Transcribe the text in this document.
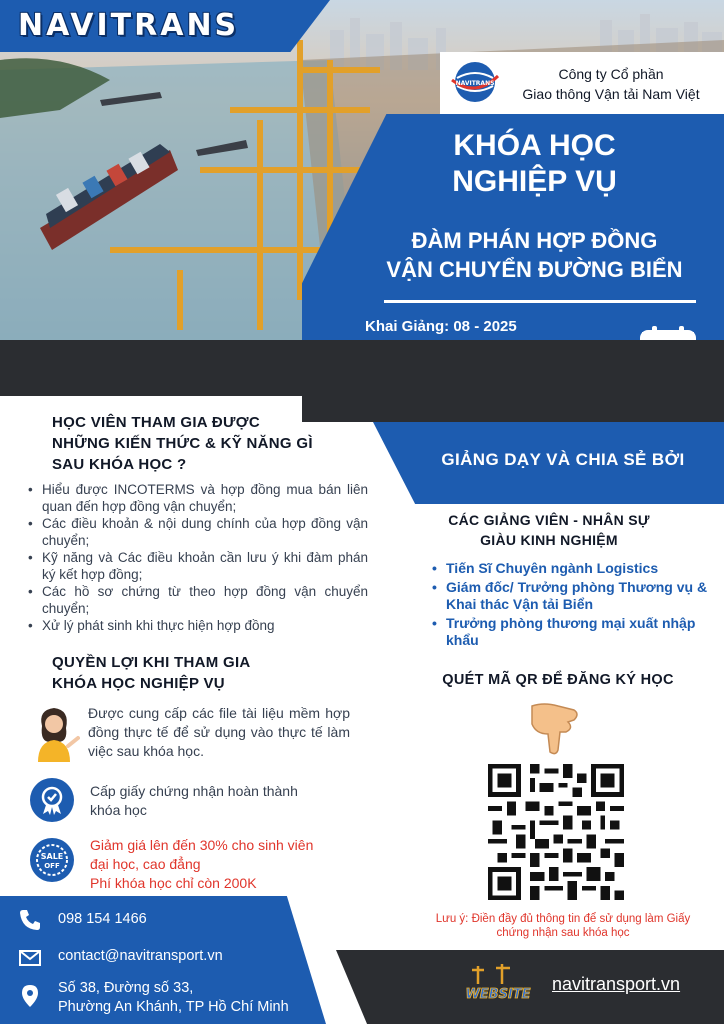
NAVITRANS
NAVITRANS
Công ty Cổ phần
Giao thông Vận tải Nam Việt
KHÓA HỌC
NGHIỆP VỤ
ĐÀM PHÁN HỢP ĐỒNG
VẬN CHUYỂN ĐƯỜNG BIỂN
Khai Giảng: 08 - 2025
HỌC VIÊN THAM GIA ĐƯỢC
NHỮNG KIẾN THỨC & KỸ NĂNG GÌ
SAU KHÓA HỌC ?
• Hiểu được INCOTERMS và hợp đồng mua bán liên quan đến hợp đồng vận chuyển;
• Các điều khoản & nội dung chính của hợp đồng vận chuyển;
• Kỹ năng và Các điều khoản cần lưu ý khi đàm phán ký kết hợp đồng;
• Các hồ sơ chứng từ theo hợp đồng vận chuyển chuyển;
• Xử lý phát sinh khi thực hiện hợp đồng
QUYỀN LỢI KHI THAM GIA
KHÓA HỌC NGHIỆP VỤ
Được cung cấp các file tài liệu mềm hợp đồng thực tế để sử dụng vào thực tế làm việc sau khóa học.
Cấp giấy chứng nhận hoàn thành khóa học
SALE
OFF
Giảm giá lên đến 30% cho sinh viên đại học, cao đẳng
Phí khóa học chỉ còn 200K
GIẢNG DẠY VÀ CHIA SẺ BỞI
CÁC GIẢNG VIÊN - NHÂN SỰ
GIÀU KINH NGHIỆM
• Tiến Sĩ Chuyên ngành Logistics
• Giám đốc/ Trưởng phòng Thương vụ & Khai thác Vận tải Biển
• Trưởng phòng thương mại xuất nhập khẩu
QUÉT MÃ QR ĐỂ ĐĂNG KÝ HỌC
Lưu ý: Điền đầy đủ thông tin để sử dụng làm Giấy chứng nhận sau khóa học
098 154 1466
contact@navitransport.vn
Số 38, Đường số 33,
Phường An Khánh, TP Hồ Chí Minh
WEBSITE
navitransport.vn
